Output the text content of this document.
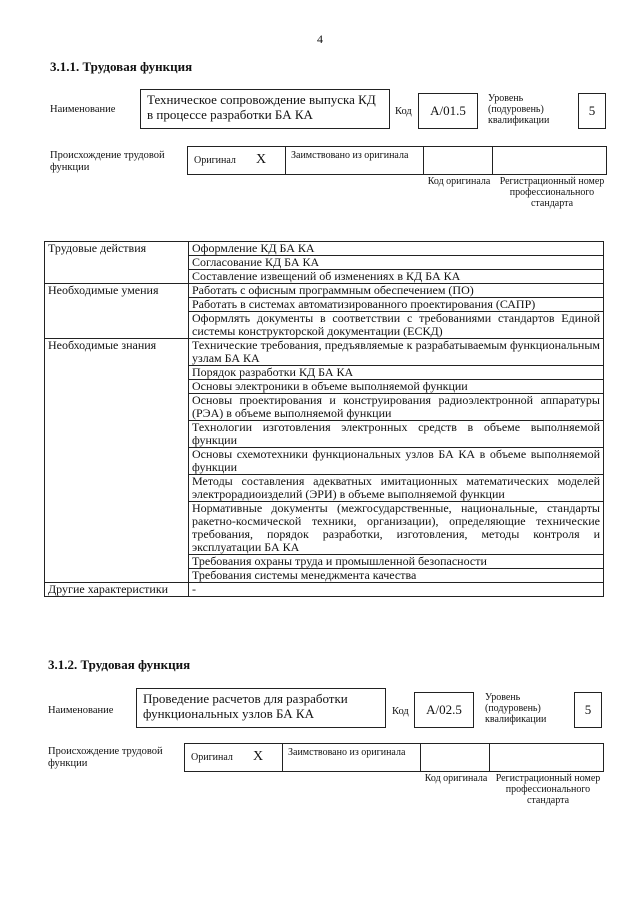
4
3.1.1. Трудовая функция
Наименование
Техническое сопровождение выпуска КД в процессе разработки БА КА	Код	A/01.5
Уровень (подуровень) квалификации
5
Происхождение трудовой функции
Оригинал X Заимствовано из оригинала
Код оригинала Регистрационный номер профессионального стандарта
Трудовые действия	Оформление КД БА КА
	Согласование КД БА КА
	Составление извещений об изменениях в КД БА КА
Необходимые умения	Работать с офисным программным обеспечением (ПО)
	Работать в системах автоматизированного проектирования (САПР)
	Оформлять документы в соответствии с требованиями стандартов Единой системы конструкторской документации (ЕСКД)
Необходимые знания	Технические требования, предъявляемые к разрабатываемым функциональным узлам БА КА
	Порядок разработки КД БА КА
	Основы электроники в объеме выполняемой функции
	Основы проектирования и конструирования радиоэлектронной аппаратуры (РЭА) в объеме выполняемой функции
	Технологии изготовления электронных средств в объеме выполняемой функции
	Основы схемотехники функциональных узлов БА КА в объеме выполняемой функции
	Методы составления адекватных имитационных математических моделей электрорадиоизделий (ЭРИ) в объеме выполняемой функции
	Нормативные документы (межгосударственные, национальные, стандарты ракетно-космической техники, организации), определяющие технические требования, порядок разработки, изготовления, методы контроля и эксплуатации БА КА
	Требования охраны труда и промышленной безопасности
	Требования системы менеджмента качества
Другие характеристики	-
3.1.2. Трудовая функция
Наименование
Проведение расчетов для разработки функциональных узлов БА КА	Код	A/02.5
Уровень (подуровень) квалификации
5
Происхождение трудовой функции
Оригинал X Заимствовано из оригинала
Код оригинала Регистрационный номер профессионального стандарта
